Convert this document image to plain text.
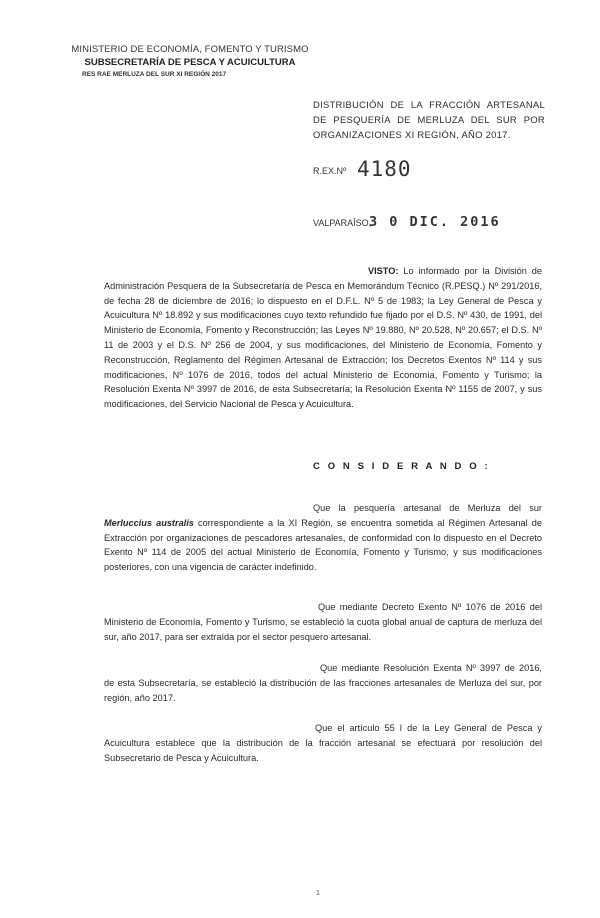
MINISTERIO DE ECONOMÍA, FOMENTO Y TURISMO
SUBSECRETARÍA DE PESCA Y ACUICULTURA
RES RAE MERLUZA DEL SUR XI REGIÓN 2017
DISTRIBUCIÓN DE LA FRACCIÓN ARTESANAL DE PESQUERÍA DE MERLUZA DEL SUR POR ORGANIZACIONES XI REGIÓN, AÑO 2017.
R.EX.Nº 4180
VALPARAÍSO,
3 0 DIC. 2016

VISTO: Lo informado por la División de Administración Pesquera de la Subsecretaría de Pesca en Memorándum Técnico (R.PESQ.) Nº 291/2016, de fecha 28 de diciembre de 2016; lo dispuesto en el D.F.L. Nº 5 de 1983; la Ley General de Pesca y Acuicultura Nº 18.892 y sus modificaciones cuyo texto refundido fue fijado por el D.S. Nº 430, de 1991, del Ministerio de Economía, Fomento y Reconstrucción; las Leyes Nº 19.880, Nº 20.528, Nº 20.657; el D.S. Nº 11 de 2003 y el D.S. Nº 256 de 2004, y sus modificaciones, del Ministerio de Economía, Fomento y Reconstrucción, Reglamento del Régimen Artesanal de Extracción; los Decretos Exentos Nº 114 y sus modificaciones, Nº 1076 de 2016, todos del actual Ministerio de Economía, Fomento y Turismo; la Resolución Exenta Nº 3997 de 2016, de esta Subsecretaría; la Resolución Exenta Nº 1155 de 2007, y sus modificaciones, del Servicio Nacional de Pesca y Acuicultura.

C O N S I D E R A N D O :

Que la pesquería artesanal de Merluza del sur Merluccius australis correspondiente a la XI Región, se encuentra sometida al Régimen Artesanal de Extracción por organizaciones de pescadores artesanales, de conformidad con lo dispuesto en el Decreto Exento Nº 114 de 2005 del actual Ministerio de Economía, Fomento y Turismo, y sus modificaciones posteriores, con una vigencia de carácter indefinido.

Que mediante Decreto Exento Nº 1076 de 2016 del Ministerio de Economía, Fomento y Turismo, se estableció la cuota global anual de captura de merluza del sur, año 2017, para ser extraída por el sector pesquero artesanal.

Que mediante Resolución Exenta Nº 3997 de 2016, de esta Subsecretaría, se estableció la distribución de las fracciones artesanales de Merluza del sur, por región, año 2017.

Que el artículo 55 I de la Ley General de Pesca y Acuicultura establece que la distribución de la fracción artesanal se efectuará por resolución del Subsecretario de Pesca y Acuicultura.

1
